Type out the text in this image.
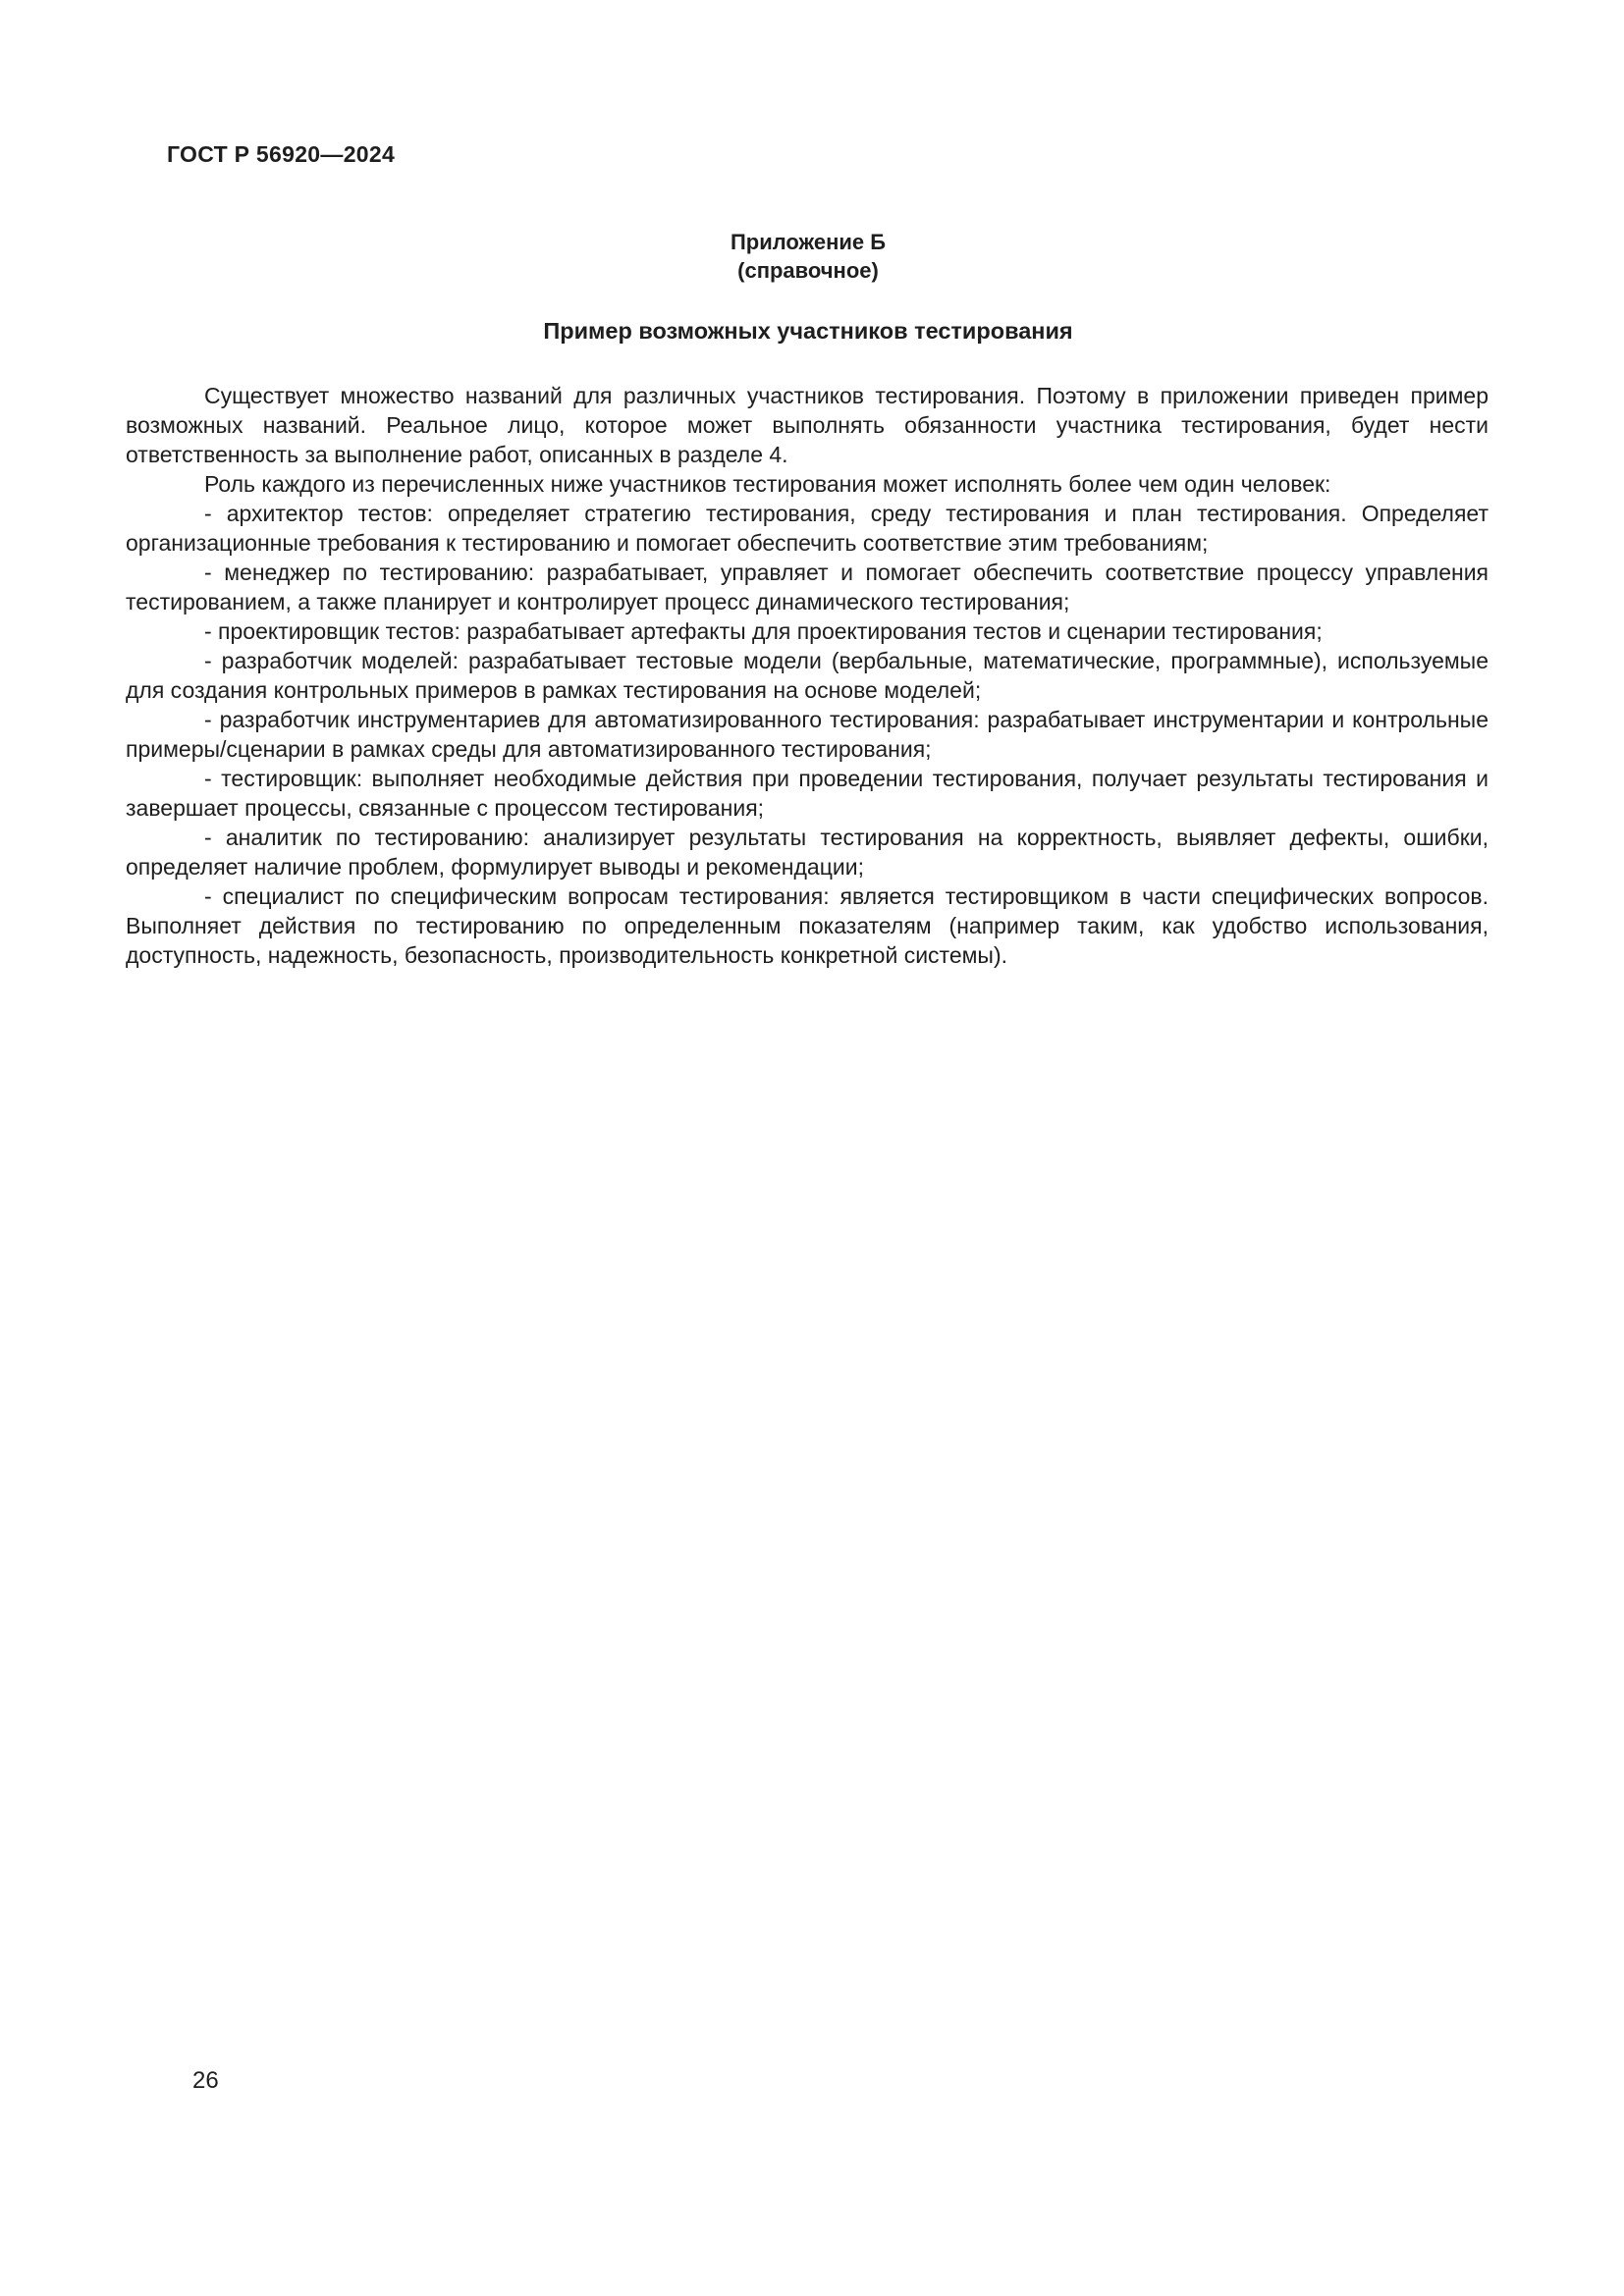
ГОСТ Р 56920—2024
Приложение Б
(справочное)
Пример возможных участников тестирования

Существует множество названий для различных участников тестирования. Поэтому в приложении приведен пример возможных названий. Реальное лицо, которое может выполнять обязанности участника тестирования, будет нести ответственность за выполнение работ, описанных в разделе 4.

Роль каждого из перечисленных ниже участников тестирования может исполнять более чем один человек:

- архитектор тестов: определяет стратегию тестирования, среду тестирования и план тестирования. Определяет организационные требования к тестированию и помогает обеспечить соответствие этим требованиям;

- менеджер по тестированию: разрабатывает, управляет и помогает обеспечить соответствие процессу управления тестированием, а также планирует и контролирует процесс динамического тестирования;

- проектировщик тестов: разрабатывает артефакты для проектирования тестов и сценарии тестирования;

- разработчик моделей: разрабатывает тестовые модели (вербальные, математические, программные), используемые для создания контрольных примеров в рамках тестирования на основе моделей;

- разработчик инструментариев для автоматизированного тестирования: разрабатывает инструментарии и контрольные примеры/сценарии в рамках среды для автоматизированного тестирования;

- тестировщик: выполняет необходимые действия при проведении тестирования, получает результаты тестирования и завершает процессы, связанные с процессом тестирования;

- аналитик по тестированию: анализирует результаты тестирования на корректность, выявляет дефекты, ошибки, определяет наличие проблем, формулирует выводы и рекомендации;

- специалист по специфическим вопросам тестирования: является тестировщиком в части специфических вопросов. Выполняет действия по тестированию по определенным показателям (например таким, как удобство использования, доступность, надежность, безопасность, производительность конкретной системы).

26
